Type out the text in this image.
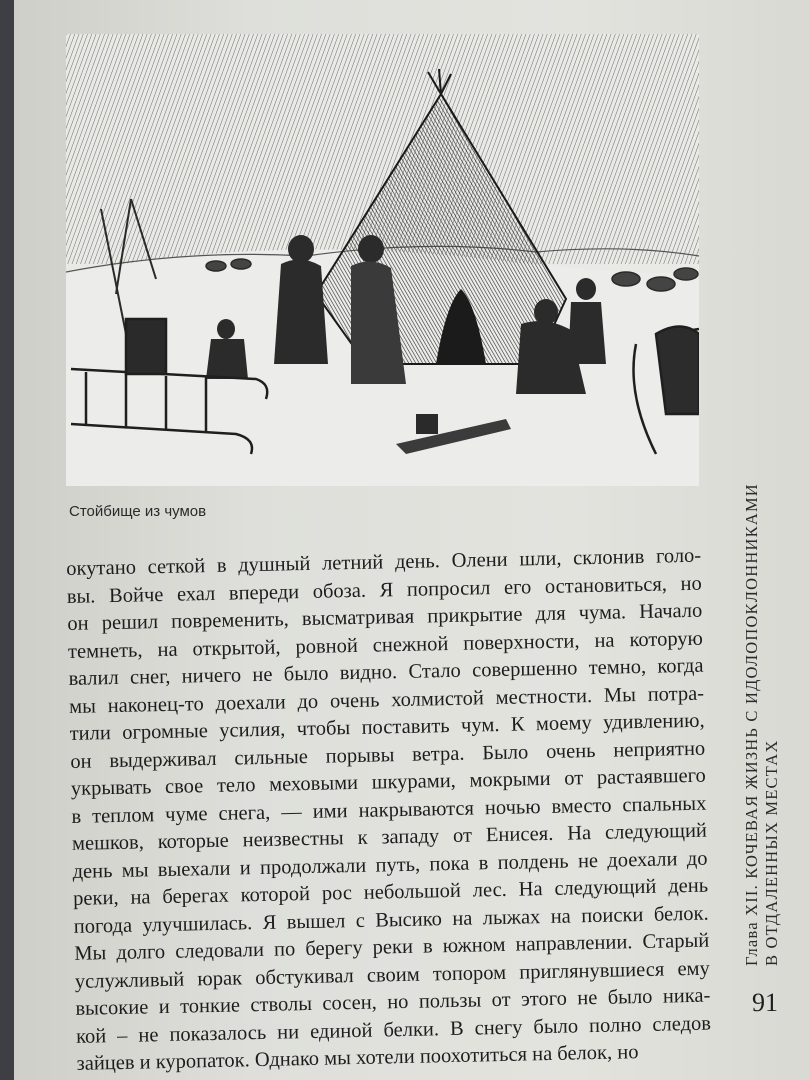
Стойбище из чумов
окутано сеткой в душный летний день. Олени шли, склонив голо-
вы. Войче ехал впереди обоза. Я попросил его остановиться, но
он решил повременить, высматривая прикрытие для чума. Начало
темнеть, на открытой, ровной снежной поверхности, на которую
валил снег, ничего не было видно. Стало совершенно темно, когда
мы наконец-то доехали до очень холмистой местности. Мы потра-
тили огромные усилия, чтобы поставить чум. К моему удивлению,
он выдерживал сильные порывы ветра. Было очень неприятно
укрывать свое тело меховыми шкурами, мокрыми от растаявшего
в теплом чуме снега, — ими накрываются ночью вместо спальных
мешков, которые неизвестны к западу от Енисея. На следующий
день мы выехали и продолжали путь, пока в полдень не доехали до
реки, на берегах которой рос небольшой лес. На следующий день
погода улучшилась. Я вышел с Высико на лыжах на поиски белок.
Мы долго следовали по берегу реки в южном направлении. Старый
услужливый юрак обстукивал своим топором приглянувшиеся ему
высокие и тонкие стволы сосен, но пользы от этого не было ника-
кой – не показалось ни единой белки. В снегу было полно следов
зайцев и куропаток. Однако мы хотели поохотиться на белок, но
Глава XII. КОЧЕВАЯ ЖИЗНЬ С ИДОЛОПОКЛОННИКАМИ В ОТДАЛЕННЫХ МЕСТАХ
91
